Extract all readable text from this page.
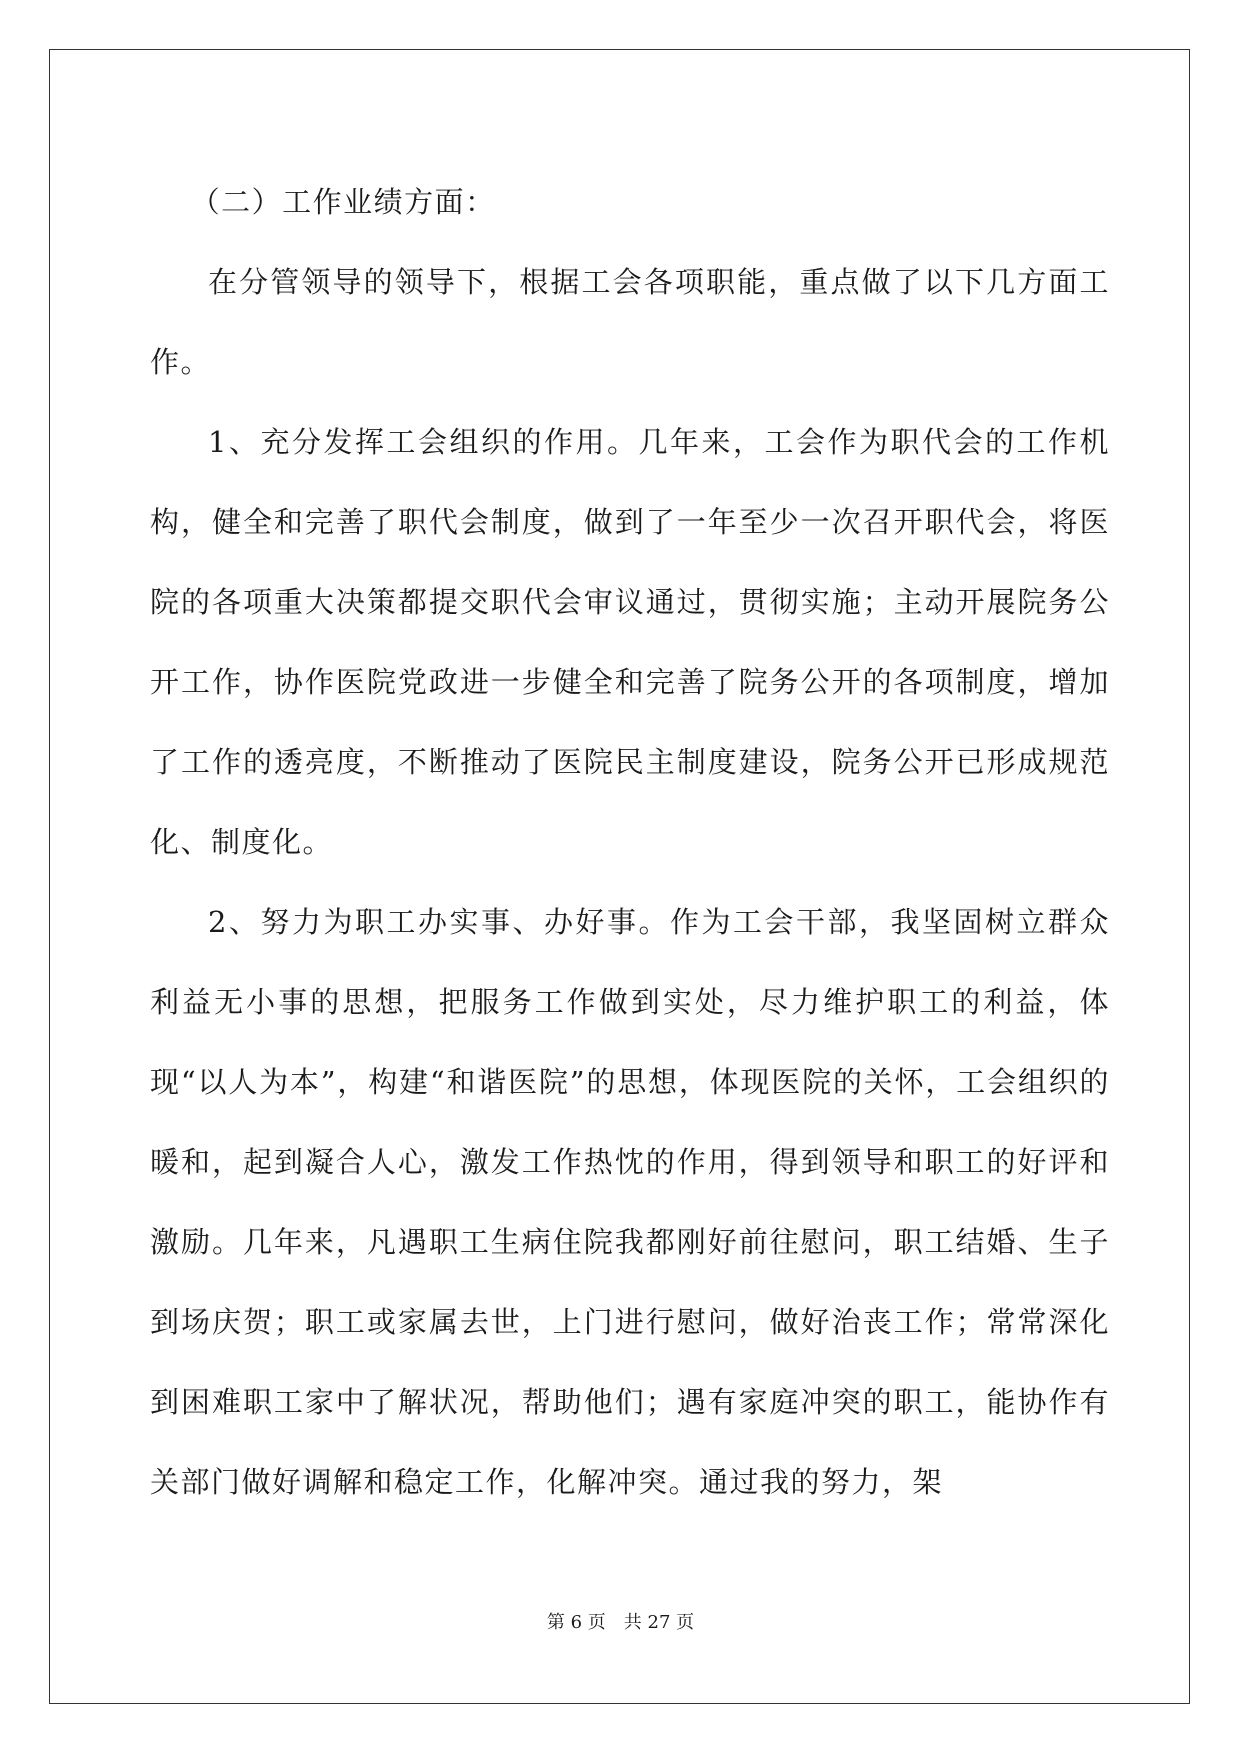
（二）工作业绩方面：

在分管领导的领导下，根据工会各项职能，重点做了以下几方面工作。

1、充分发挥工会组织的作用。几年来，工会作为职代会的工作机构，健全和完善了职代会制度，做到了一年至少一次召开职代会，将医院的各项重大决策都提交职代会审议通过，贯彻实施；主动开展院务公开工作，协作医院党政进一步健全和完善了院务公开的各项制度，增加了工作的透亮度，不断推动了医院民主制度建设，院务公开已形成规范化、制度化。

2、努力为职工办实事、办好事。作为工会干部，我坚固树立群众利益无小事的思想，把服务工作做到实处，尽力维护职工的利益，体现“以人为本”，构建“和谐医院”的思想，体现医院的关怀，工会组织的暖和，起到凝合人心，激发工作热忱的作用，得到领导和职工的好评和激励。几年来，凡遇职工生病住院我都刚好前往慰问，职工结婚、生子到场庆贺；职工或家属去世，上门进行慰问，做好治丧工作；常常深化到困难职工家中了解状况，帮助他们；遇有家庭冲突的职工，能协作有关部门做好调解和稳定工作，化解冲突。通过我的努力，架

第 6 页　共 27 页
